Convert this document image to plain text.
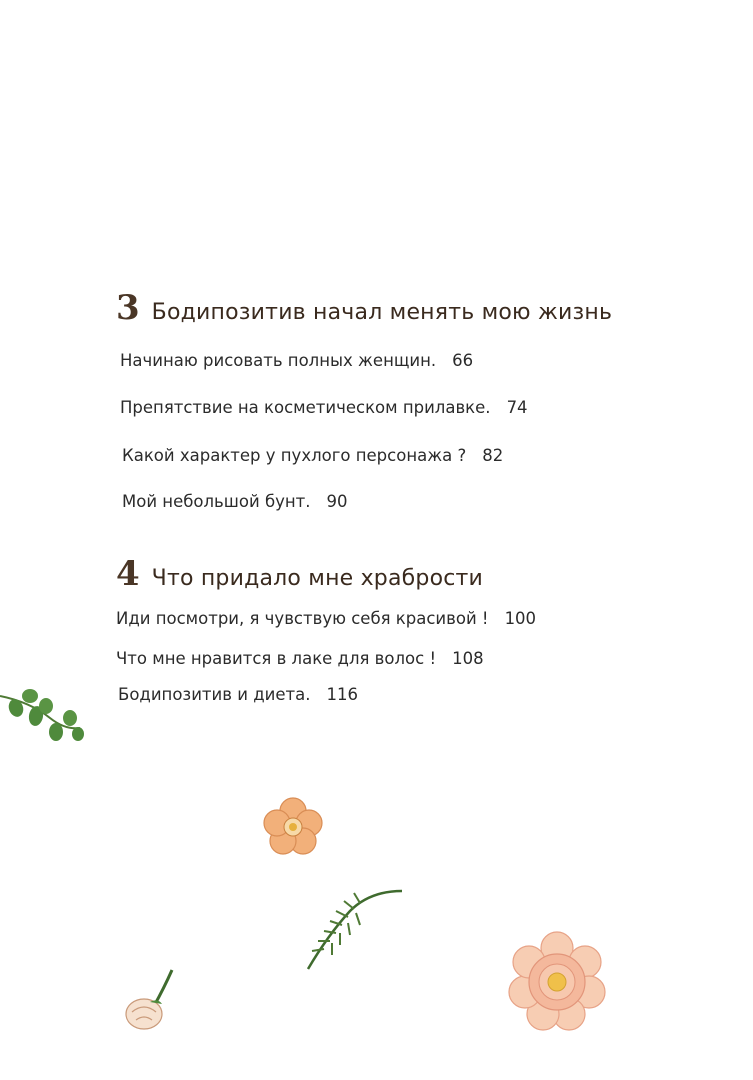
3 Бодипозитив начал менять мою жизнь
Начинаю рисовать полных женщин. 66
Препятствие на косметическом прилавке. 74
Какой характер у пухлого персонажа ? 82
Мой небольшой бунт. 90
4 Что придало мне храбрости
Иди посмотри, я чувствую себя красивой ! 100
Что мне нравится в лаке для волос ! 108
Бодипозитив и диета. 116
